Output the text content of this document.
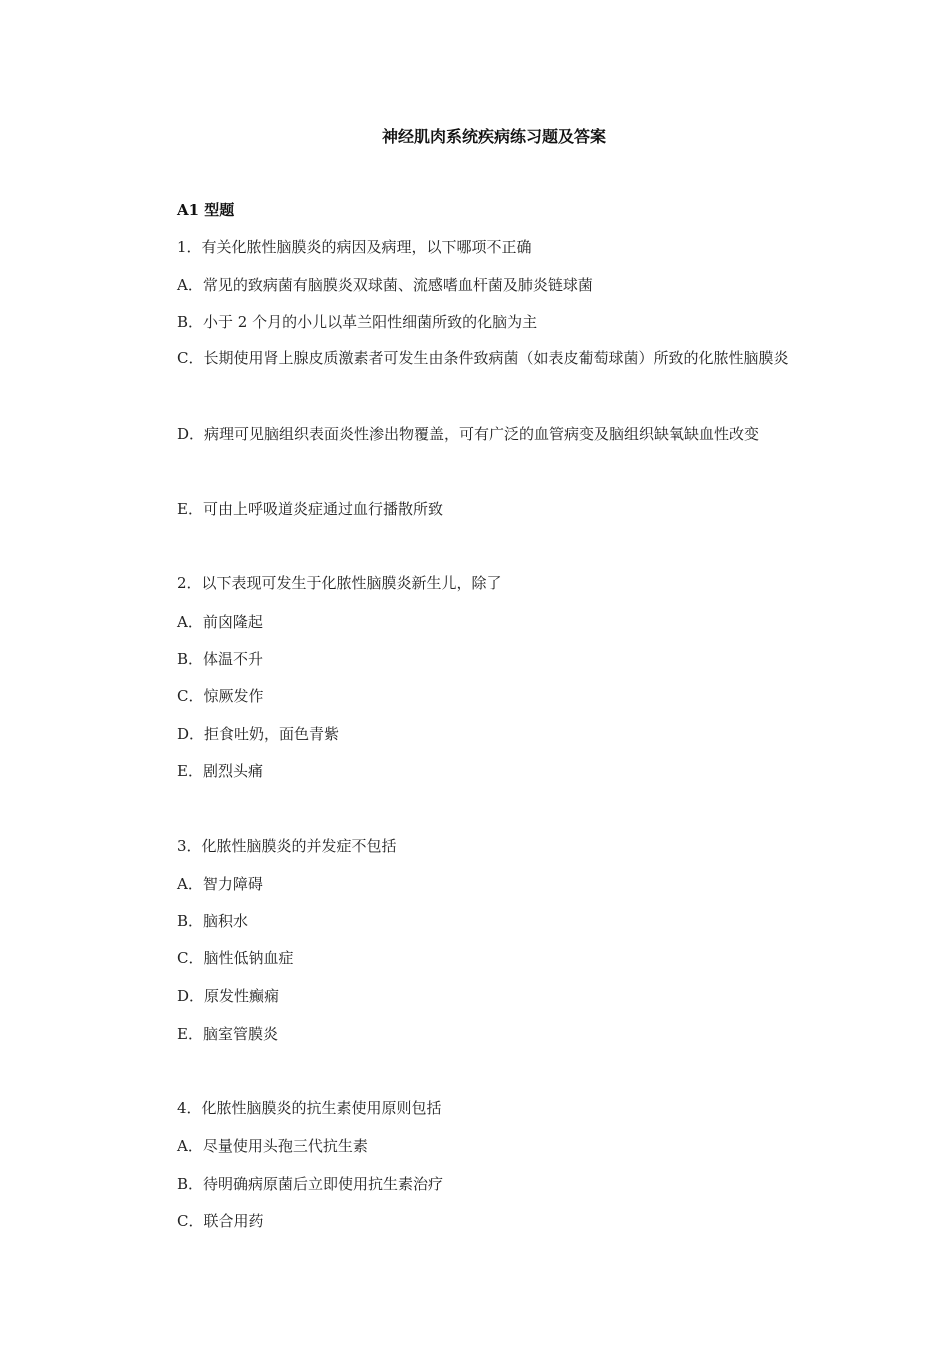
神经肌肉系统疾病练习题及答案
A1 型题
1．有关化脓性脑膜炎的病因及病理，以下哪项不正确
A．常见的致病菌有脑膜炎双球菌、流感嗜血杆菌及肺炎链球菌
B．小于 2 个月的小儿以革兰阳性细菌所致的化脑为主
C．长期使用肾上腺皮质激素者可发生由条件致病菌（如表皮葡萄球菌）所致的化脓性脑膜炎
D．病理可见脑组织表面炎性渗出物覆盖，可有广泛的血管病变及脑组织缺氧缺血性改变
E．可由上呼吸道炎症通过血行播散所致
2．以下表现可发生于化脓性脑膜炎新生儿，除了
A．前囟隆起
B．体温不升
C．惊厥发作
D．拒食吐奶，面色青紫
E．剧烈头痛
3．化脓性脑膜炎的并发症不包括
A．智力障碍
B．脑积水
C．脑性低钠血症
D．原发性癫痫
E．脑室管膜炎
4．化脓性脑膜炎的抗生素使用原则包括
A．尽量使用头孢三代抗生素
B．待明确病原菌后立即使用抗生素治疗
C．联合用药
